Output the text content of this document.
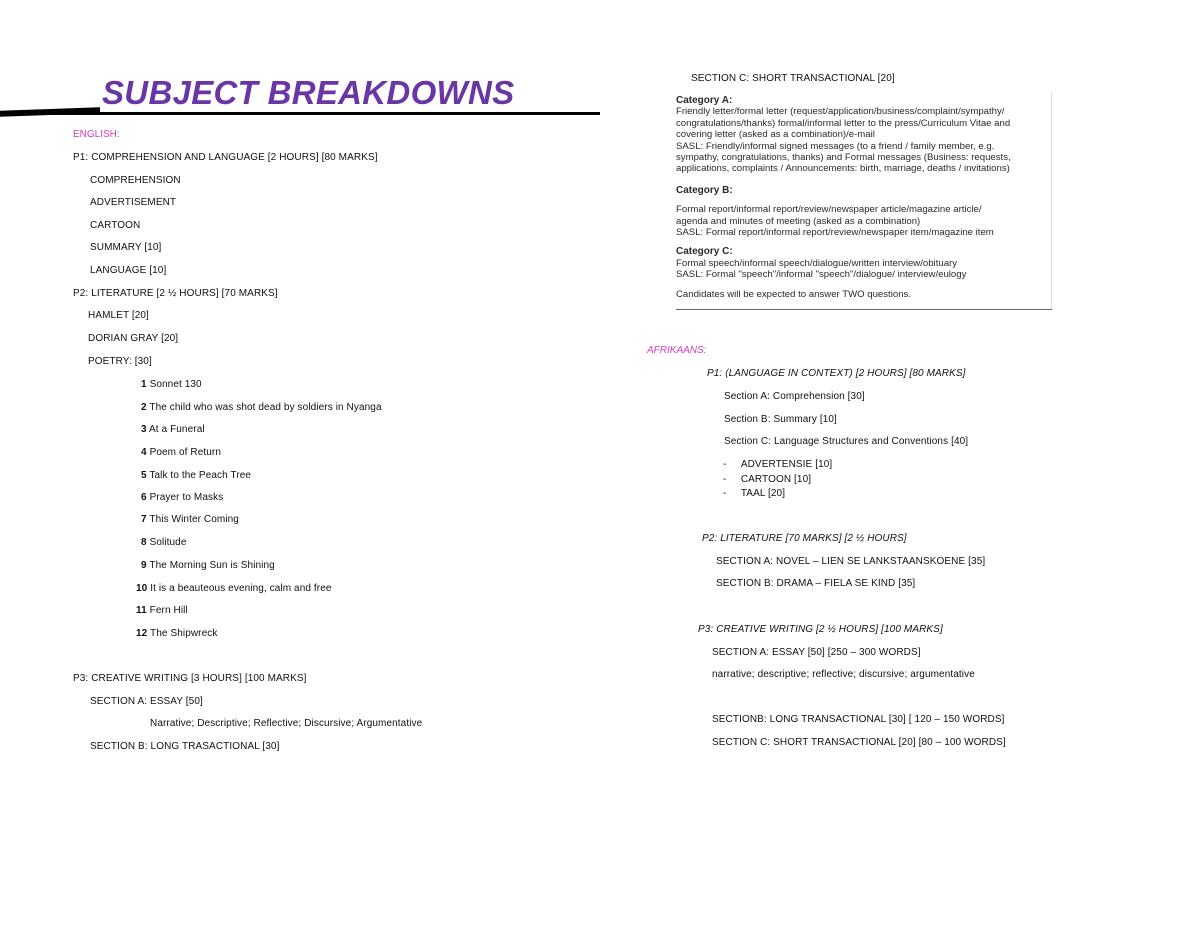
SUBJECT BREAKDOWNS
ENGLISH:
P1: COMPREHENSION AND LANGUAGE [2 HOURS] [80 MARKS]
COMPREHENSION
ADVERTISEMENT
CARTOON
SUMMARY [10]
LANGUAGE [10]
P2: LITERATURE [2 ½ HOURS] [70 MARKS]
HAMLET [20]
DORIAN GRAY [20]
POETRY: [30]
1 Sonnet 130
2 The child who was shot dead by soldiers in Nyanga
3 At a Funeral
4 Poem of Return
5 Talk to the Peach Tree
6 Prayer to Masks
7 This Winter Coming
8 Solitude
9 The Morning Sun is Shining
10 It is a beauteous evening, calm and free
11 Fern Hill
12 The Shipwreck
P3: CREATIVE WRITING [3 HOURS] [100 MARKS]
SECTION A: ESSAY [50]
Narrative; Descriptive; Reflective; Discursive; Argumentative
SECTION B: LONG TRASACTIONAL [30]
SECTION C: SHORT TRANSACTIONAL [20]
Category A:
Friendly letter/formal letter (request/application/business/complaint/sympathy/
congratulations/thanks) formal/informal letter to the press/Curriculum Vitae and
covering letter (asked as a combination)/e-mail
SASL: Friendly/informal signed messages (to a friend / family member, e.g.
sympathy, congratulations, thanks) and Formal messages (Business: requests,
applications, complaints / Announcements: birth, marriage, deaths / invitations)
Category B:
Formal report/informal report/review/newspaper article/magazine article/
agenda and minutes of meeting (asked as a combination)
SASL: Formal report/informal report/review/newspaper item/magazine item
Category C:
Formal speech/informal speech/dialogue/written interview/obituary
SASL: Formal "speech"/informal "speech"/dialogue/ interview/eulogy
Candidates will be expected to answer TWO questions.
AFRIKAANS:
P1: (LANGUAGE IN CONTEXT) [2 HOURS] [80 MARKS]
Section A: Comprehension [30]
Section B: Summary [10]
Section C: Language Structures and Conventions [40]
-     ADVERTENSIE [10]
-     CARTOON [10]
-     TAAL [20]
P2: LITERATURE [70 MARKS] [2 ½ HOURS]
SECTION A: NOVEL – LIEN SE LANKSTAANSKOENE [35]
SECTION B: DRAMA – FIELA SE KIND [35]
P3: CREATIVE WRITING [2 ½ HOURS] [100 MARKS]
SECTION A: ESSAY [50] [250 – 300 WORDS]
narrative; descriptive; reflective; discursive; argumentative
SECTIONB: LONG TRANSACTIONAL [30] [ 120 – 150 WORDS]
SECTION C: SHORT TRANSACTIONAL [20] [80 – 100 WORDS]
